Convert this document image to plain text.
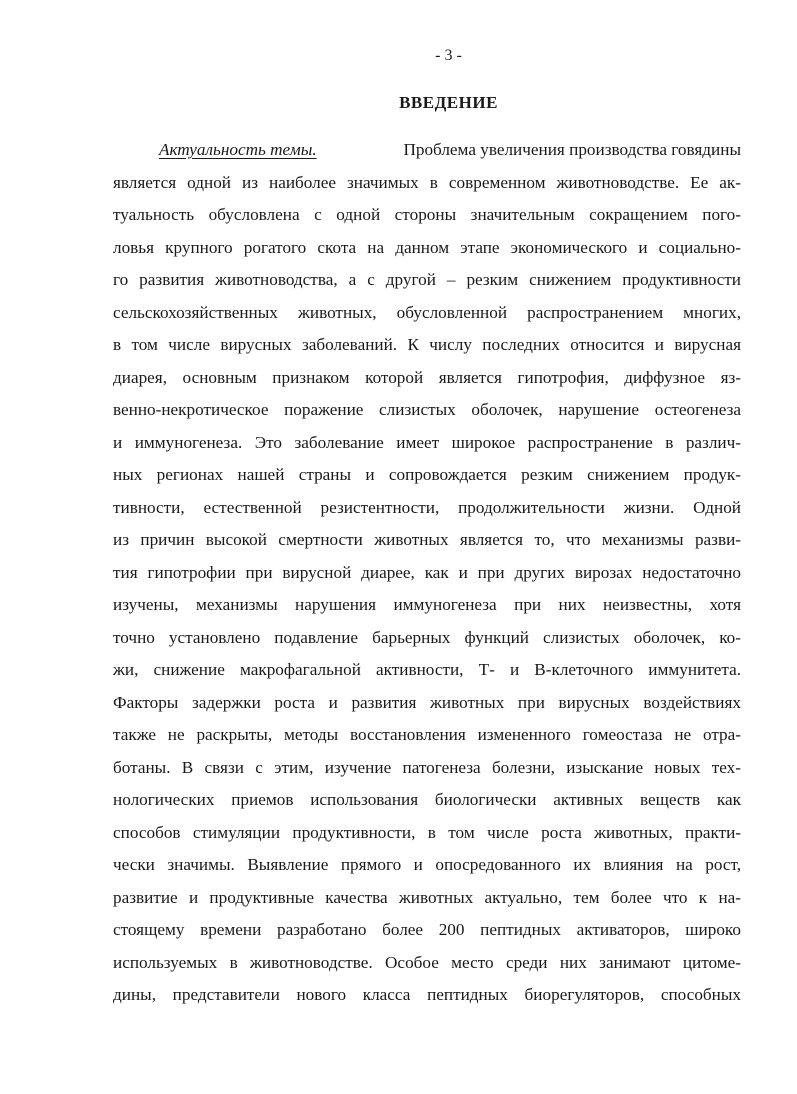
- 3 -
ВВЕДЕНИЕ
Актуальность темы.	Проблема увеличения производства говядины
является одной из наиболее значимых в современном животноводстве. Ее ак-
туальность обусловлена с одной стороны значительным сокращением пого-
ловья крупного рогатого скота на данном этапе экономического и социально-
го развития животноводства, а с другой – резким снижением продуктивности
сельскохозяйственных животных, обусловленной распространением многих,
в том числе вирусных заболеваний. К числу последних относится и вирусная
диарея, основным признаком которой является гипотрофия, диффузное яз-
венно-некротическое поражение слизистых оболочек, нарушение остеогенеза
и иммуногенеза. Это заболевание имеет широкое распространение в различ-
ных регионах нашей страны и сопровождается резким снижением продук-
тивности, естественной резистентности, продолжительности жизни. Одной
из причин высокой смертности животных является то, что механизмы разви-
тия гипотрофии при вирусной диарее, как и при других вирозах недостаточно
изучены, механизмы нарушения иммуногенеза при них неизвестны, хотя
точно установлено подавление барьерных функций слизистых оболочек, ко-
жи, снижение макрофагальной активности, Т- и В-клеточного иммунитета.
Факторы задержки роста и развития животных при вирусных воздействиях
также не раскрыты, методы восстановления измененного гомеостаза не отра-
ботаны. В связи с этим, изучение патогенеза болезни, изыскание новых тех-
нологических приемов использования биологически активных веществ как
способов стимуляции продуктивности, в том числе роста животных, практи-
чески значимы. Выявление прямого и опосредованного их влияния на рост,
развитие и продуктивные качества животных актуально, тем более что к на-
стоящему времени разработано более 200 пептидных активаторов, широко
используемых в животноводстве. Особое место среди них занимают цитоме-
дины, представители нового класса пептидных биорегуляторов, способных
